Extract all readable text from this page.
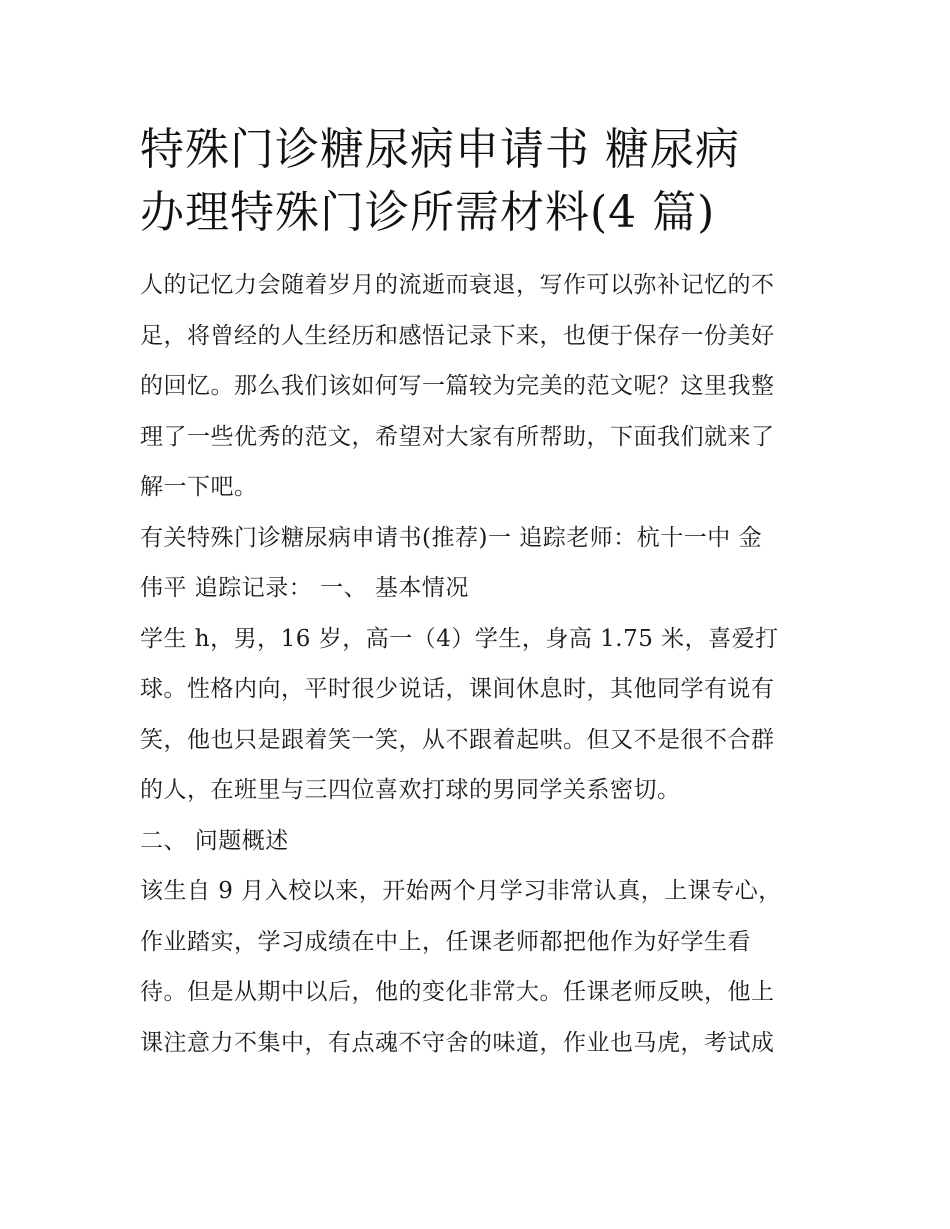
特殊门诊糖尿病申请书 糖尿病
办理特殊门诊所需材料(4 篇)
人的记忆力会随着岁月的流逝而衰退，写作可以弥补记忆的不
足，将曾经的人生经历和感悟记录下来，也便于保存一份美好
的回忆。那么我们该如何写一篇较为完美的范文呢？这里我整
理了一些优秀的范文，希望对大家有所帮助，下面我们就来了
解一下吧。
有关特殊门诊糖尿病申请书(推荐)一 追踪老师：杭十一中 金
伟平 追踪记录： 一、 基本情况
学生 h，男，16 岁，高一（4）学生，身高 1.75 米，喜爱打
球。性格内向，平时很少说话，课间休息时，其他同学有说有
笑，他也只是跟着笑一笑，从不跟着起哄。但又不是很不合群
的人，在班里与三四位喜欢打球的男同学关系密切。
二、 问题概述
该生自 9 月入校以来，开始两个月学习非常认真，上课专心，
作业踏实，学习成绩在中上，任课老师都把他作为好学生看
待。但是从期中以后，他的变化非常大。任课老师反映，他上
课注意力不集中，有点魂不守舍的味道，作业也马虎，考试成
